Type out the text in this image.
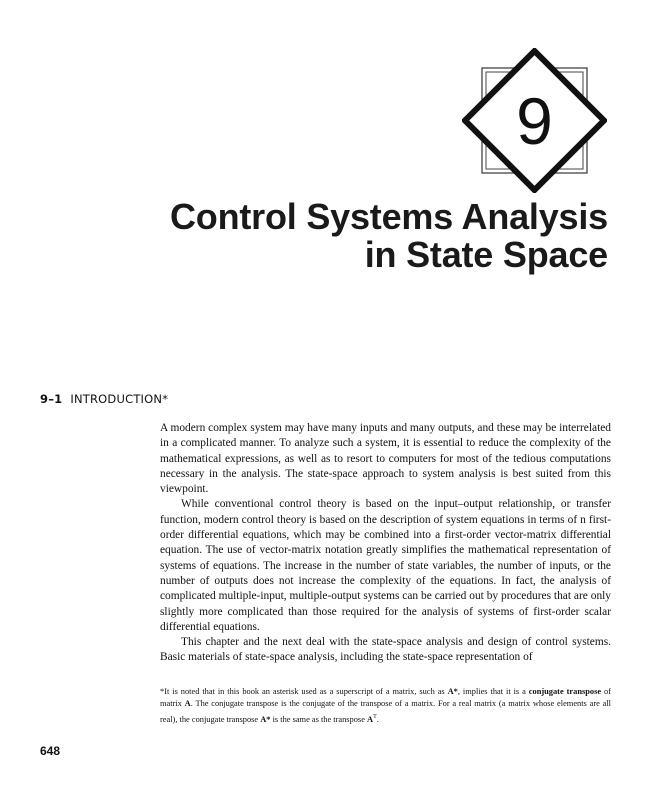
9
Control Systems Analysis
in State Space
9–1 INTRODUCTION*

A modern complex system may have many inputs and many outputs, and these may be interrelated in a complicated manner. To analyze such a system, it is essential to reduce the complexity of the mathematical expressions, as well as to resort to computers for most of the tedious computations necessary in the analysis. The state-space approach to system analysis is best suited from this viewpoint.

While conventional control theory is based on the input–output relationship, or transfer function, modern control theory is based on the description of system equations in terms of n first-order differential equations, which may be combined into a first-order vector-matrix differential equation. The use of vector-matrix notation greatly simplifies the mathematical representation of systems of equations. The increase in the number of state variables, the number of inputs, or the number of outputs does not increase the complexity of the equations. In fact, the analysis of complicated multiple-input, multiple-output systems can be carried out by procedures that are only slightly more complicated than those required for the analysis of systems of first-order scalar differential equations.

This chapter and the next deal with the state-space analysis and design of control systems. Basic materials of state-space analysis, including the state-space representation of

*It is noted that in this book an asterisk used as a superscript of a matrix, such as A*, implies that it is a conjugate transpose of matrix A. The conjugate transpose is the conjugate of the transpose of a matrix. For a real matrix (a matrix whose elements are all real), the conjugate transpose A* is the same as the transpose $A^T$.
648
